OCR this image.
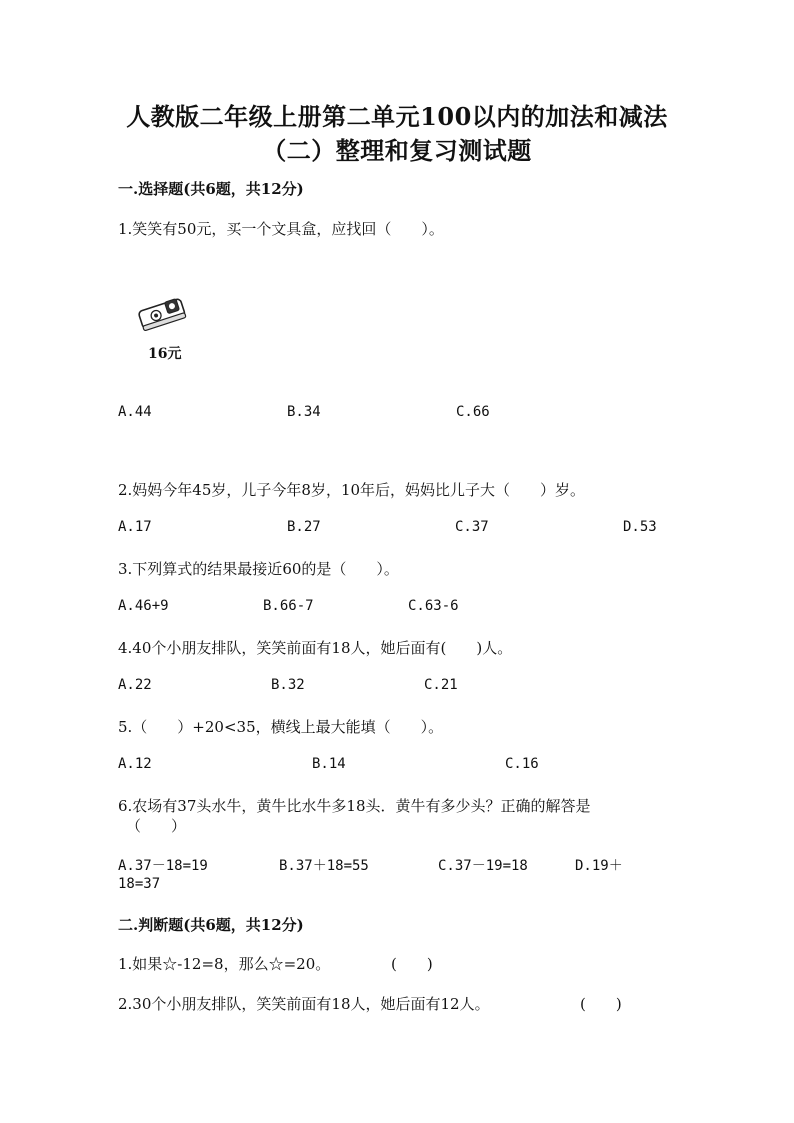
人教版二年级上册第二单元100以内的加法和减法
（二）整理和复习测试题
一.选择题(共6题，共12分)
1.笑笑有50元，买一个文具盒，应找回（　　）。
16元
A.44	B.34	C.66
2.妈妈今年45岁，儿子今年8岁，10年后，妈妈比儿子大（　　）岁。
A.17	B.27	C.37	D.53
3.下列算式的结果最接近60的是（　　）。
A.46+9	B.66-7	C.63-6
4.40个小朋友排队，笑笑前面有18人，她后面有(　　)人。
A.22	B.32	C.21
5.（　　）+20<35，横线上最大能填（　　）。
A.12	B.14	C.16
6.农场有37头水牛，黄牛比水牛多18头．黄牛有多少头？正确的解答是
（　　）
A.37－18=19	B.37＋18=55	C.37－19=18	D.19＋
18=37
二.判断题(共6题，共12分)
1.如果☆-12=8，那么☆=20。	(　　)
2.30个小朋友排队，笑笑前面有18人，她后面有12人。	(　　)
